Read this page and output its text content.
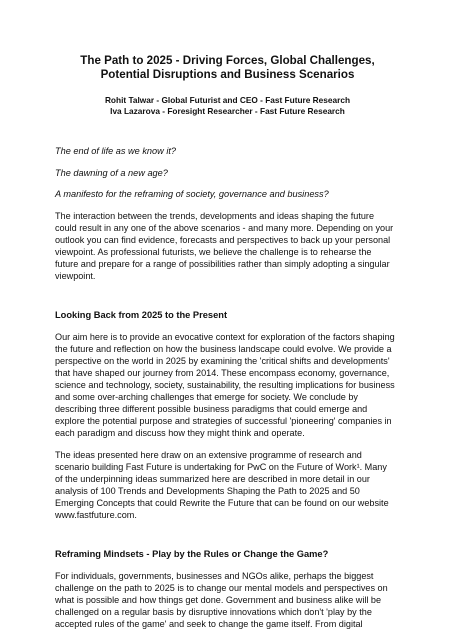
The Path to 2025 - Driving Forces, Global Challenges, Potential Disruptions and Business Scenarios
Rohit Talwar - Global Futurist and CEO - Fast Future Research
Iva Lazarova - Foresight Researcher - Fast Future Research
The end of life as we know it?
The dawning of a new age?
A manifesto for the reframing of society, governance and business?

The interaction between the trends, developments and ideas shaping the future
could result in any one of the above scenarios - and many more. Depending on your
outlook you can find evidence, forecasts and perspectives to back up your personal
viewpoint. As professional futurists, we believe the challenge is to rehearse the
future and prepare for a range of possibilities rather than simply adopting a singular
viewpoint.

Looking Back from 2025 to the Present

Our aim here is to provide an evocative context for exploration of the factors shaping
the future and reflection on how the business landscape could evolve. We provide a
perspective on the world in 2025 by examining the 'critical shifts and developments'
that have shaped our journey from 2014. These encompass economy, governance,
science and technology, society, sustainability, the resulting implications for business
and some over-arching challenges that emerge for society. We conclude by
describing three different possible business paradigms that could emerge and
explore the potential purpose and strategies of successful 'pioneering' companies in
each paradigm and discuss how they might think and operate.

The ideas presented here draw on an extensive programme of research and
scenario building Fast Future is undertaking for PwC on the Future of Work¹. Many
of the underpinning ideas summarized here are described in more detail in our
analysis of 100 Trends and Developments Shaping the Path to 2025 and 50
Emerging Concepts that could Rewrite the Future that can be found on our website
www.fastfuture.com.

Reframing Mindsets - Play by the Rules or Change the Game?

For individuals, governments, businesses and NGOs alike, perhaps the biggest
challenge on the path to 2025 is to change our mental models and perspectives on
what is possible and how things get done. Government and business alike will be
challenged on a regular basis by disruptive innovations which don't 'play by the
accepted rules of the game' and seek to change the game itself. From digital
